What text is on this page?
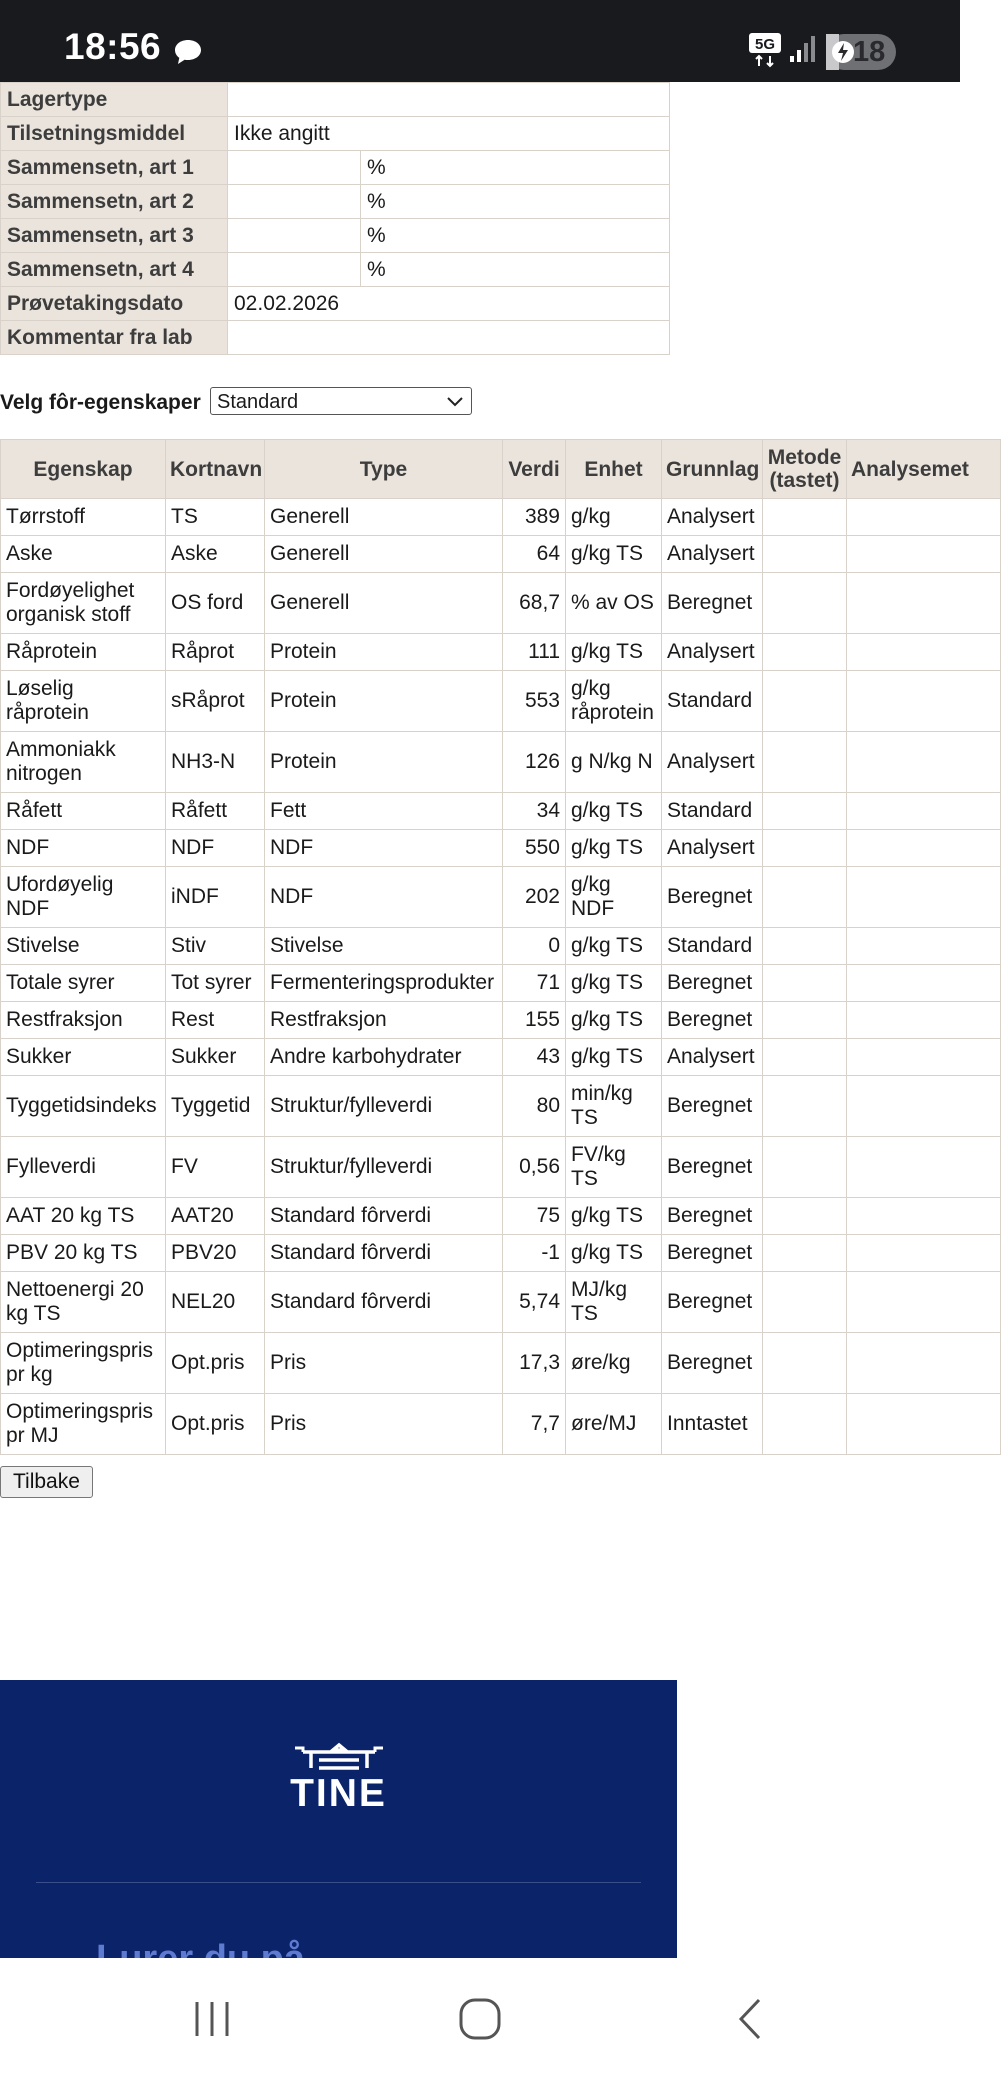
18:56	5G	18
Lagertype		
Tilsetningsmiddel	Ikke angitt	
Sammensetn, art 1		%
Sammensetn, art 2		%
Sammensetn, art 3		%
Sammensetn, art 4		%
Prøvetakingsdato	02.02.2026	
Kommentar fra lab		
Velg fôr-egenskaper Standard
Egenskap	Kortnavn	Type	Verdi	Enhet	Grunnlag	Metode (tastet)	Analysemet
Tørrstoff	TS	Generell	389	g/kg	Analysert		
Aske	Aske	Generell	64	g/kg TS	Analysert		
Fordøyelighet organisk stoff	OS ford	Generell	68,7	% av OS	Beregnet		
Råprotein	Råprot	Protein	111	g/kg TS	Analysert		
Løselig råprotein	sRåprot	Protein	553	g/kg råprotein	Standard		
Ammoniakk nitrogen	NH3-N	Protein	126	g N/kg N	Analysert		
Råfett	Råfett	Fett	34	g/kg TS	Standard		
NDF	NDF	NDF	550	g/kg TS	Analysert		
Ufordøyelig NDF	iNDF	NDF	202	g/kg NDF	Beregnet		
Stivelse	Stiv	Stivelse	0	g/kg TS	Standard		
Totale syrer	Tot syrer	Fermenteringsprodukter	71	g/kg TS	Beregnet		
Restfraksjon	Rest	Restfraksjon	155	g/kg TS	Beregnet		
Sukker	Sukker	Andre karbohydrater	43	g/kg TS	Analysert		
Tyggetidsindeks	Tyggetid	Struktur/fylleverdi	80	min/kg TS	Beregnet		
Fylleverdi	FV	Struktur/fylleverdi	0,56	FV/kg TS	Beregnet		
AAT 20 kg TS	AAT20	Standard fôrverdi	75	g/kg TS	Beregnet		
PBV 20 kg TS	PBV20	Standard fôrverdi	-1	g/kg TS	Beregnet		
Nettoenergi 20 kg TS	NEL20	Standard fôrverdi	5,74	MJ/kg TS	Beregnet		
Optimeringspris pr kg	Opt.pris	Pris	17,3	øre/kg	Beregnet		
Optimeringspris pr MJ	Opt.pris	Pris	7,7	øre/MJ	Inntastet		
Tilbake
TINE
